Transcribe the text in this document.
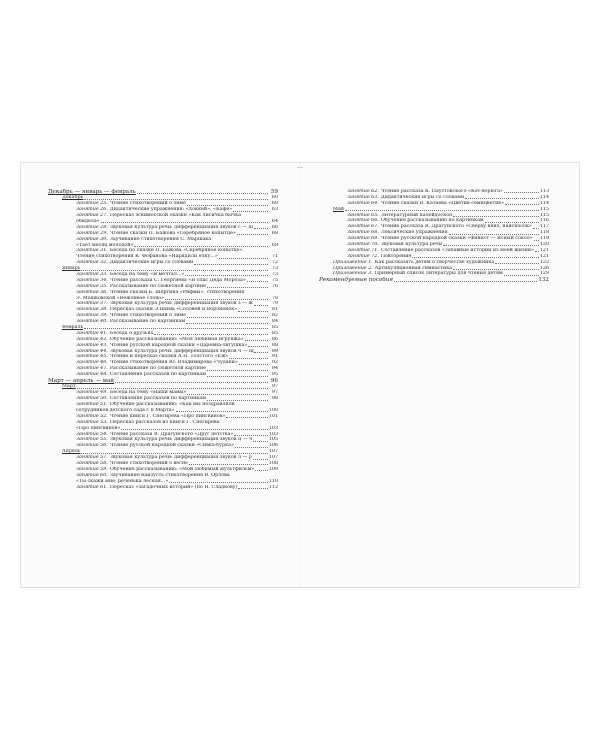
Декабрь — январь — февраль	59
Декабрь	60
Занятие 25. Чтение стихотворений о зиме	60
Занятие 26. Дидактические упражнения: «Хоккей», «Кафе»	63
Занятие 27. Пересказ эскимосской сказки «Как лисичка бычка
обидела»	64
Занятие 28. Звуковая культура речи: дифференциация звуков с — ш	66
Занятие 29. Чтение сказки П. Бажова «Серебряное копытце»	68
Занятие 30. Заучивание стихотворения С. Маршака
«Тает месяц молодой»	69
Занятие 31. Беседа по сказке П. Бажова «Серебряное копытце».
Чтение стихотворения К. Фофанова «Нарядили елку...»	71
Занятие 32. Дидактические игры со словами	72
Январь	73
Занятие 33. Беседа на тему «Я мечтал...»	73
Занятие 34. Чтение рассказа С. Георгиева «Я спас Деда Мороза»	75
Занятие 35. Рассказывание по сюжетной картине	76
Занятие 36. Чтение сказки Б. Шергина «Рифмы», стихотворения
Э. Мошковской «Вежливое слово»	78
Занятие 37. Звуковая культура речи: дифференциация звуков з — ж	79
Занятие 38. Пересказ сказки Э.Шима «Соловей и Вороненок»	81
Занятие 39. Чтение стихотворений о зиме	82
Занятие 40. Рассказывание по картинкам	84
Февраль	85
Занятие 41. Беседа о друзьях	85
Занятие 42. Обучение рассказыванию: «Моя любимая игрушка»	86
Занятие 43. Чтение русской народной сказки «Царевна-лягушка»	88
Занятие 44. Звуковая культура речи: дифференциация звуков ч — щ	89
Занятие 45. Чтение и пересказ сказки А.Н. Толстого «Еж»	91
Занятие 46. Чтение стихотворения Ю. Владимирова «Чудаки»	92
Занятие 47. Рассказывание по сюжетной картине	94
Занятие 48. Составление рассказов по картинкам	95
Март — апрель — май	96
Март	97
Занятие 49. Беседа на тему «Наши мамы»	97
Занятие 50. Составление рассказов по картинкам	98
Занятие 51. Обучение рассказыванию: «Как мы поздравляли
сотрудников детского сада с 8 Марта»	100
Занятие 52. Чтение книги Г. Снегирева «Про пингвинов»	101
Занятие 53. Пересказ рассказов из книги Г. Снегирева
«Про пингвинов»	103
Занятие 54. Чтение рассказа В. Драгунского «Друг детства»	103
Занятие 55. Звуковая культура речи: дифференциация звуков ц — ч	105
Занятие 56. Чтение русской народной сказки «Сивка-бурка»	106
Апрель	107
Занятие 57. Звуковая культура речи: дифференциация звуков л — р	107
Занятие 58. Чтение стихотворений о весне	108
Занятие 59. Обучение рассказыванию: «Мой любимый мультфильм»	109
Занятие 60. Заучивание наизусть стихотворения В. Орлова
«Ты скажи мне, реченька лесная...»	110
Занятие 61. Пересказ «загадочных историй» (по Н. Сладкову)	112
Занятие 62. Чтение рассказа К. Паустовского «Кот-ворюга»	113
Занятие 63. Дидактические игры со словами	114
Занятие 64. Чтение сказки В. Катаева «Цветик-семицветик»	114
Май	115
Занятие 65. Литературный калейдоскоп	115
Занятие 66. Обучение рассказыванию по картинкам	116
Занятие 67. Чтение рассказа В. Драгунского «Сверху вниз, наискосок» 117
Занятие 68. Лексические упражнения	118
Занятие 69. Чтение русской народной сказки «Финист — Ясный сокол» 119
Занятие 70. Звуковая культура речи	120
Занятие 71. Составление рассказов «Забавные истории из моей жизни» 121
Занятие 72. Повторение	121
Приложение 1. Как рассказать детям о творчестве художника	122
Приложение 2. Артикуляционная гимнастика	126
Приложение 3. Примерный список литературы для чтения детям	129
Рекомендуемые пособия	132
